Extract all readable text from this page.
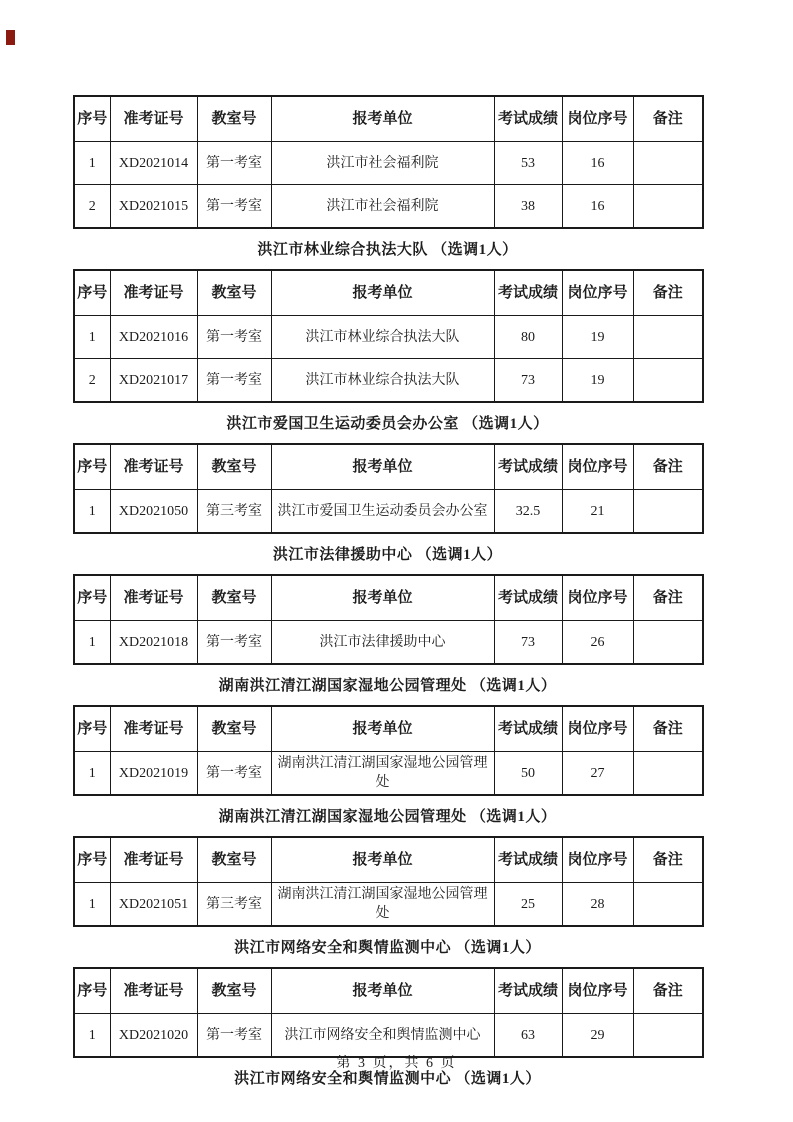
序号	准考证号	教室号	报考单位	考试成绩	岗位序号	备注
1	XD2021014	第一考室	洪江市社会福利院	53	16	
2	XD2021015	第一考室	洪江市社会福利院	38	16	
洪江市林业综合执法大队 （选调1人）
序号	准考证号	教室号	报考单位	考试成绩	岗位序号	备注
1	XD2021016	第一考室	洪江市林业综合执法大队	80	19	
2	XD2021017	第一考室	洪江市林业综合执法大队	73	19	
洪江市爱国卫生运动委员会办公室 （选调1人）
序号	准考证号	教室号	报考单位	考试成绩	岗位序号	备注
1	XD2021050	第三考室	洪江市爱国卫生运动委员会办公室	32.5	21	
洪江市法律援助中心 （选调1人）
序号	准考证号	教室号	报考单位	考试成绩	岗位序号	备注
1	XD2021018	第一考室	洪江市法律援助中心	73	26	
湖南洪江清江湖国家湿地公园管理处 （选调1人）
序号	准考证号	教室号	报考单位	考试成绩	岗位序号	备注
1	XD2021019	第一考室	湖南洪江清江湖国家湿地公园管理处	50	27	
湖南洪江清江湖国家湿地公园管理处 （选调1人）
序号	准考证号	教室号	报考单位	考试成绩	岗位序号	备注
1	XD2021051	第三考室	湖南洪江清江湖国家湿地公园管理处	25	28	
洪江市网络安全和舆情监测中心 （选调1人）
序号	准考证号	教室号	报考单位	考试成绩	岗位序号	备注
1	XD2021020	第一考室	洪江市网络安全和舆情监测中心	63	29	
洪江市网络安全和舆情监测中心 （选调1人）
第 3 页，共 6 页
